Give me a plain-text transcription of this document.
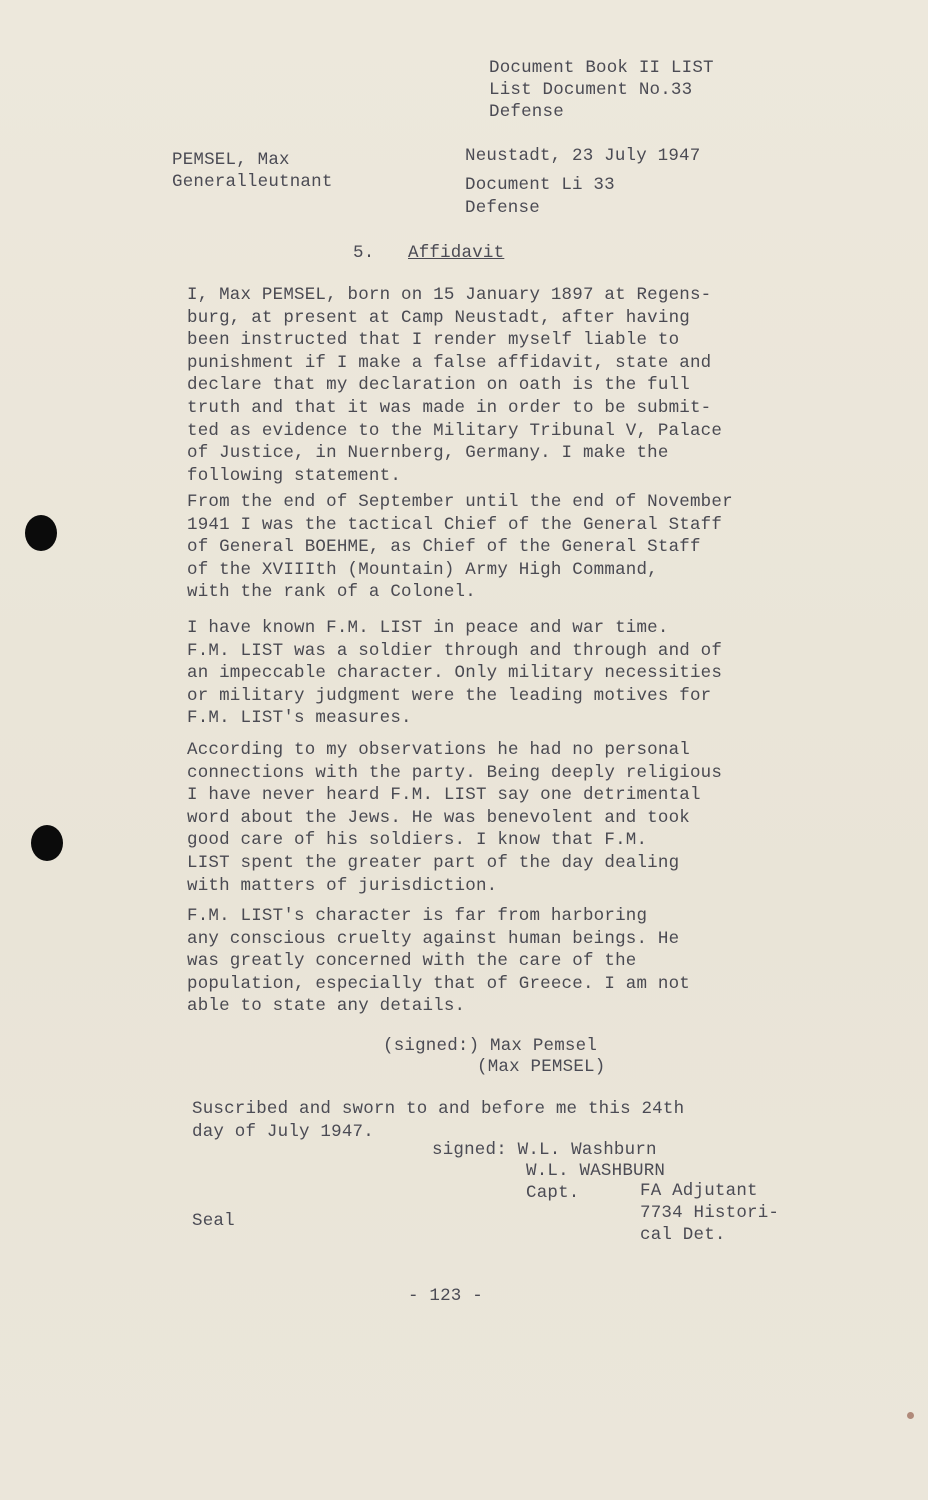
Document Book II LIST
List Document No.33
Defense
PEMSEL, Max
Generalleutnant
Neustadt, 23 July 1947
Document Li 33
Defense
5. Affidavit
I, Max PEMSEL, born on 15 January 1897 at Regens-
burg, at present at Camp Neustadt, after having
been instructed that I render myself liable to
punishment if I make a false affidavit, state and
declare that my declaration on oath is the full
truth and that it was made in order to be submit-
ted as evidence to the Military Tribunal V, Palace
of Justice, in Nuernberg, Germany. I make the
following statement.
From the end of September until the end of November
1941 I was the tactical Chief of the General Staff
of General BOEHME, as Chief of the General Staff
of the XVIIIth (Mountain) Army High Command,
with the rank of a Colonel.
I have known F.M. LIST in peace and war time.
F.M. LIST was a soldier through and through and of
an impeccable character. Only military necessities
or military judgment were the leading motives for
F.M. LIST's measures.
According to my observations he had no personal
connections with the party. Being deeply religious
I have never heard F.M. LIST say one detrimental
word about the Jews. He was benevolent and took
good care of his soldiers. I know that F.M.
LIST spent the greater part of the day dealing
with matters of jurisdiction.
F.M. LIST's character is far from harboring
any conscious cruelty against human beings. He
was greatly concerned with the care of the
population, especially that of Greece. I am not
able to state any details.
(signed:) Max Pemsel
(Max PEMSEL)
Suscribed and sworn to and before me this 24th
day of July 1947.
signed: W.L. Washburn
W.L. WASHBURN
Capt.	FA Adjutant
7734 Histori-
cal Det.
Seal
- 123 -
